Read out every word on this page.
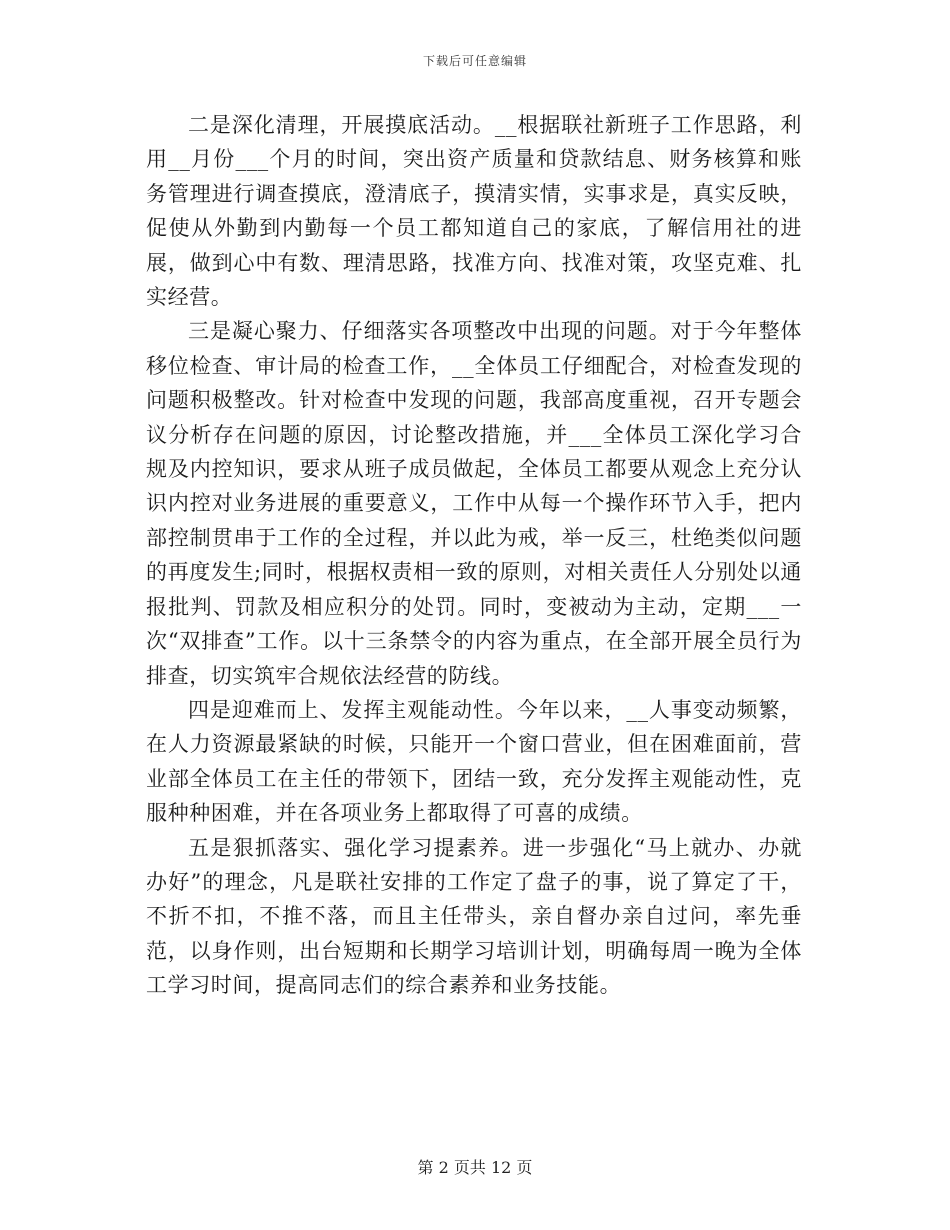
下载后可任意编辑

二是深化清理，开展摸底活动。__根据联社新班子工作思路，利用__月份___个月的时间，突出资产质量和贷款结息、财务核算和账务管理进行调查摸底，澄清底子，摸清实情，实事求是，真实反映，促使从外勤到内勤每一个员工都知道自己的家底，了解信用社的进展，做到心中有数、理清思路，找准方向、找准对策，攻坚克难、扎实经营。

三是凝心聚力、仔细落实各项整改中出现的问题。对于今年整体移位检查、审计局的检查工作，__全体员工仔细配合，对检查发现的问题积极整改。针对检查中发现的问题，我部高度重视，召开专题会议分析存在问题的原因，讨论整改措施，并___全体员工深化学习合规及内控知识，要求从班子成员做起，全体员工都要从观念上充分认识内控对业务进展的重要意义，工作中从每一个操作环节入手，把内部控制贯串于工作的全过程，并以此为戒，举一反三，杜绝类似问题的再度发生;同时，根据权责相一致的原则，对相关责任人分别处以通报批判、罚款及相应积分的处罚。同时，变被动为主动，定期___一次“双排查”工作。以十三条禁令的内容为重点，在全部开展全员行为排查，切实筑牢合规依法经营的防线。

四是迎难而上、发挥主观能动性。今年以来，__人事变动频繁，在人力资源最紧缺的时候，只能开一个窗口营业，但在困难面前，营业部全体员工在主任的带领下，团结一致，充分发挥主观能动性，克服种种困难，并在各项业务上都取得了可喜的成绩。

五是狠抓落实、强化学习提素养。进一步强化“马上就办、办就办好”的理念，凡是联社安排的工作定了盘子的事，说了算定了干，不折不扣，不推不落，而且主任带头，亲自督办亲自过问，率先垂范，以身作则，出台短期和长期学习培训计划，明确每周一晚为全体工学习时间，提高同志们的综合素养和业务技能。

第 2 页共 12 页
